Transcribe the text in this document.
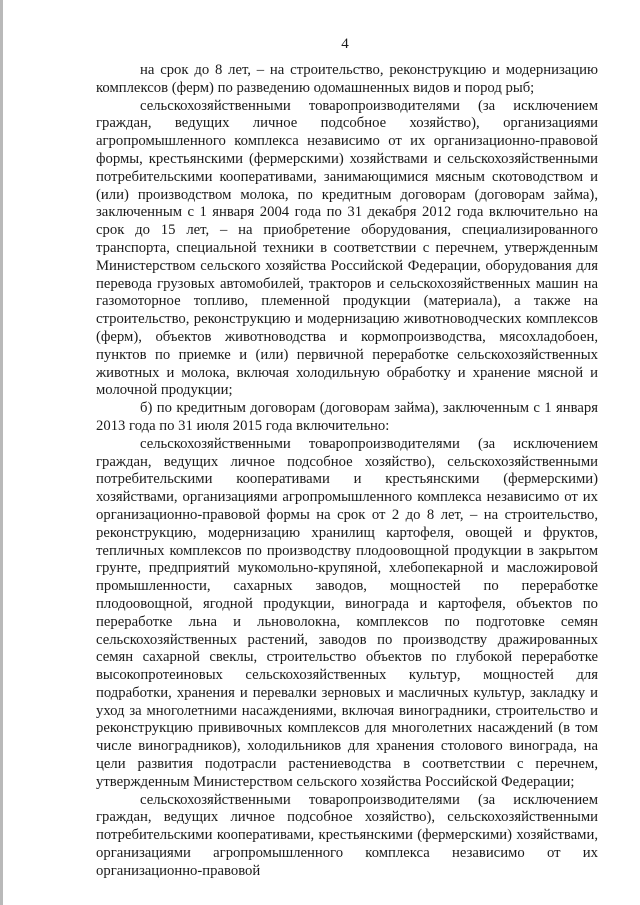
4

на срок до 8 лет, – на строительство, реконструкцию и модернизацию комплексов (ферм) по разведению одомашненных видов и пород рыб;

сельскохозяйственными товаропроизводителями (за исключением граждан, ведущих личное подсобное хозяйство), организациями агропромышленного комплекса независимо от их организационно-правовой формы, крестьянскими (фермерскими) хозяйствами и сельскохозяйственными потребительскими кооперативами, занимающимися мясным скотоводством и (или) производством молока, по кредитным договорам (договорам займа), заключенным с 1 января 2004 года по 31 декабря 2012 года включительно на срок до 15 лет, – на приобретение оборудования, специализированного транспорта, специальной техники в соответствии с перечнем, утвержденным Министерством сельского хозяйства Российской Федерации, оборудования для перевода грузовых автомобилей, тракторов и сельскохозяйственных машин на газомоторное топливо, племенной продукции (материала), а также на строительство, реконструкцию и модернизацию животноводческих комплексов (ферм), объектов животноводства и кормопроизводства, мясохладобоен, пунктов по приемке и (или) первичной переработке сельскохозяйственных животных и молока, включая холодильную обработку и хранение мясной и молочной продукции;

б) по кредитным договорам (договорам займа), заключенным с 1 января 2013 года по 31 июля 2015 года включительно:

сельскохозяйственными товаропроизводителями (за исключением граждан, ведущих личное подсобное хозяйство), сельскохозяйственными потребительскими кооперативами и крестьянскими (фермерскими) хозяйствами, организациями агропромышленного комплекса независимо от их организационно-правовой формы на срок от 2 до 8 лет, – на строительство, реконструкцию, модернизацию хранилищ картофеля, овощей и фруктов, тепличных комплексов по производству плодоовощной продукции в закрытом грунте, предприятий мукомольно-крупяной, хлебопекарной и масложировой промышленности, сахарных заводов, мощностей по переработке плодоовощной, ягодной продукции, винограда и картофеля, объектов по переработке льна и льноволокна, комплексов по подготовке семян сельскохозяйственных растений, заводов по производству дражированных семян сахарной свеклы, строительство объектов по глубокой переработке высокопротеиновых сельскохозяйственных культур, мощностей для подработки, хранения и перевалки зерновых и масличных культур, закладку и уход за многолетними насаждениями, включая виноградники, строительство и реконструкцию прививочных комплексов для многолетних насаждений (в том числе виноградников), холодильников для хранения столового винограда, на цели развития подотрасли растениеводства в соответствии с перечнем, утвержденным Министерством сельского хозяйства Российской Федерации;

сельскохозяйственными товаропроизводителями (за исключением граждан, ведущих личное подсобное хозяйство), сельскохозяйственными потребительскими кооперативами, крестьянскими (фермерскими) хозяйствами, организациями агропромышленного комплекса независимо от их организационно-правовой
